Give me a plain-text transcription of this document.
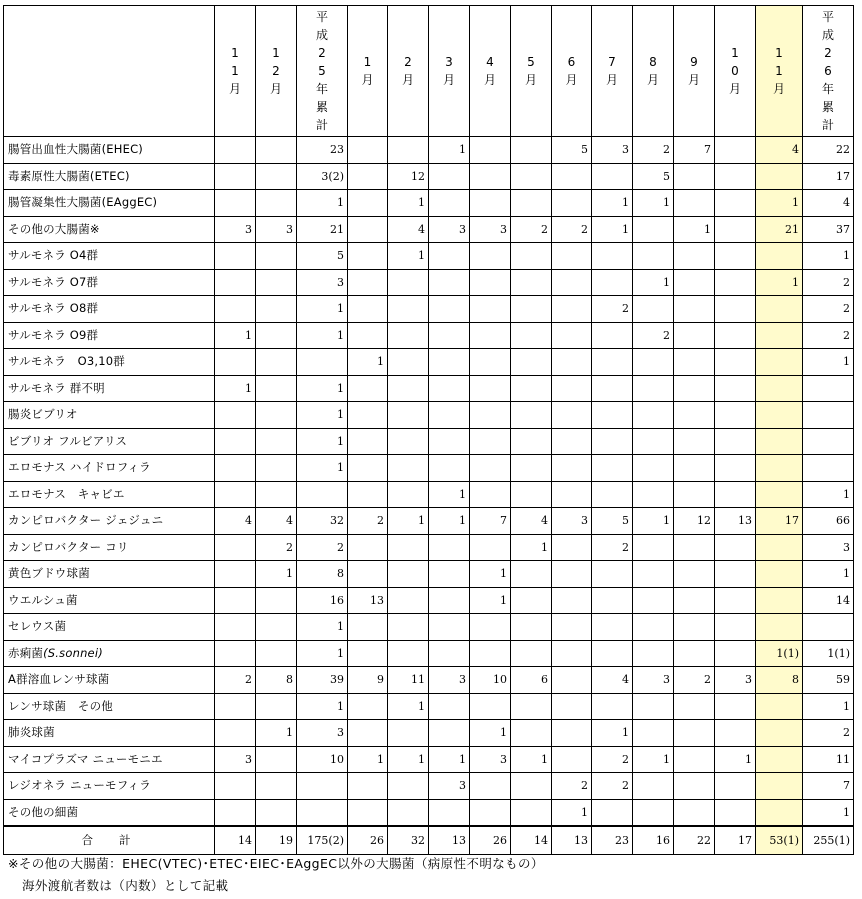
	11月	12月	平成25年累計	1月	2月	3月	4月	5月	6月	7月	8月	9月	10月	11月	平成26年累計
腸管出血性大腸菌(EHEC)			23			1			5	3	2	7		4	22
毒素原性大腸菌(ETEC)			3(2)		12						5				17
腸管凝集性大腸菌(EAggEC)			1		1					1	1			1	4
その他の大腸菌※	3	3	21		4	3	3	2	2	1		1		21	37
サルモネラ O4群			5		1										1
サルモネラ O7群			3								1			1	2
サルモネラ O8群			1							2					2
サルモネラ O9群	1		1								2				2
サルモネラ　O3,10群				1											1
サルモネラ 群不明	1		1												
腸炎ビブリオ			1												
ビブリオ フルビアリス			1												
エロモナス ハイドロフィラ			1												
エロモナス　キャビエ						1									1
カンピロバクター ジェジュニ	4	4	32	2	1	1	7	4	3	5	1	12	13	17	66
カンピロバクター コリ		2	2					1		2					3
黄色ブドウ球菌		1	8				1								1
ウエルシュ菌			16	13			1								14
セレウス菌			1												
赤痢菌(S.sonnei)			1											1(1)	1(1)
A群溶血レンサ球菌	2	8	39	9	11	3	10	6		4	3	2	3	8	59
レンサ球菌　その他			1		1										1
肺炎球菌		1	3				1			1					2
マイコプラズマ ニューモニエ	3		10	1	1	1	3	1		2	1		1		11
レジオネラ ニューモフィラ						3			2	2					7
その他の細菌									1						1
合計	14	19	175(2)	26	32	13	26	14	13	23	16	22	17	53(1)	255(1)
※その他の大腸菌：EHEC(VTEC)･ETEC･EIEC･EAggEC以外の大腸菌（病原性不明なもの）
海外渡航者数は（内数）として記載
